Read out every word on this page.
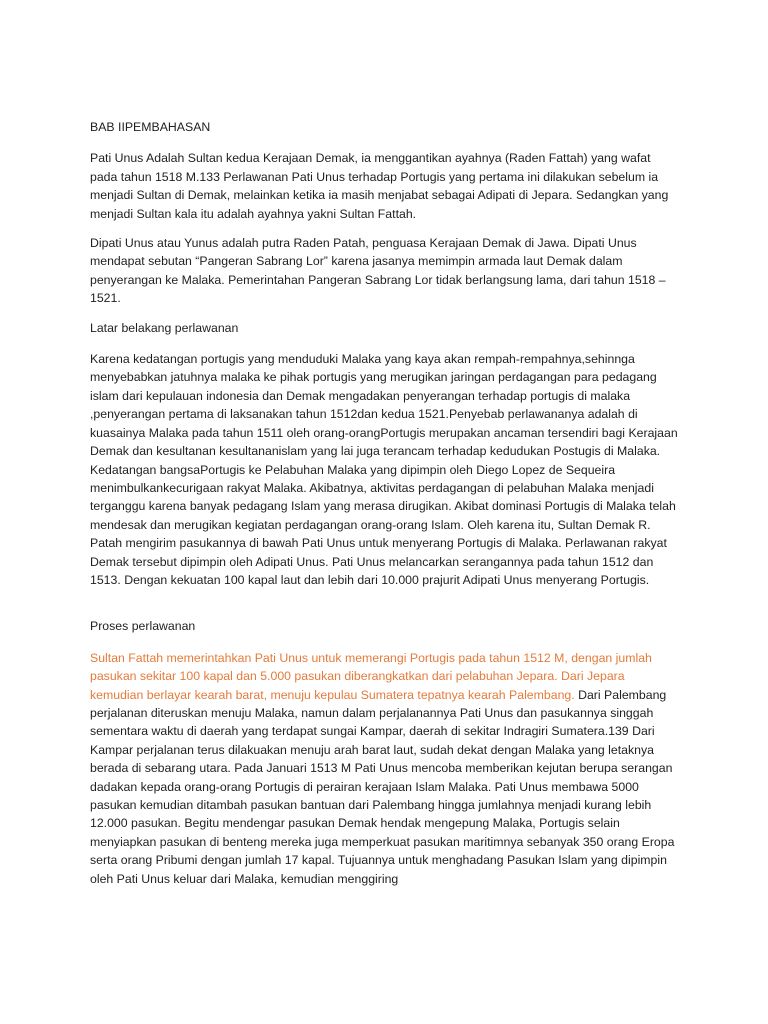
BAB IIPEMBAHASAN

Pati Unus Adalah Sultan kedua Kerajaan Demak, ia menggantikan ayahnya (Raden Fattah) yang wafat pada tahun 1518 M.133 Perlawanan Pati Unus terhadap Portugis yang pertama ini dilakukan sebelum ia menjadi Sultan di Demak, melainkan ketika ia masih menjabat sebagai Adipati di Jepara. Sedangkan yang menjadi Sultan kala itu adalah ayahnya yakni Sultan Fattah.

Dipati Unus atau Yunus adalah putra Raden Patah, penguasa Kerajaan Demak di Jawa. Dipati Unus mendapat sebutan “Pangeran Sabrang Lor” karena jasanya memimpin armada laut Demak dalam penyerangan ke Malaka. Pemerintahan Pangeran Sabrang Lor tidak berlangsung lama, dari tahun 1518 – 1521.

Latar belakang perlawanan

Karena kedatangan portugis yang menduduki Malaka yang kaya akan rempah-rempahnya,sehinnga menyebabkan jatuhnya malaka ke pihak portugis yang merugikan jaringan perdagangan para pedagang islam dari kepulauan indonesia dan Demak mengadakan penyerangan terhadap portugis di malaka ,penyerangan pertama di laksanakan tahun 1512dan kedua 1521.Penyebab perlawananya adalah di kuasainya Malaka pada tahun 1511 oleh orang-orangPortugis merupakan ancaman tersendiri bagi Kerajaan Demak dan kesultanan kesultananislam yang lai juga terancam terhadap kedudukan Postugis di Malaka. Kedatangan bangsaPortugis ke Pelabuhan Malaka yang dipimpin oleh Diego Lopez de Sequeira menimbulkankecurigaan rakyat Malaka. Akibatnya, aktivitas perdagangan di pelabuhan Malaka menjadi terganggu karena banyak pedagang Islam yang merasa dirugikan. Akibat dominasi Portugis di Malaka telah mendesak dan merugikan kegiatan perdagangan orang-orang Islam. Oleh karena itu, Sultan Demak R. Patah mengirim pasukannya di bawah Pati Unus untuk menyerang Portugis di Malaka. Perlawanan rakyat Demak tersebut dipimpin oleh Adipati Unus. Pati Unus melancarkan serangannya pada tahun 1512 dan 1513. Dengan kekuatan 100 kapal laut dan lebih dari 10.000 prajurit Adipati Unus menyerang Portugis.

Proses perlawanan

Sultan Fattah memerintahkan Pati Unus untuk memerangi Portugis pada tahun 1512 M, dengan jumlah pasukan sekitar 100 kapal dan 5.000 pasukan diberangkatkan dari pelabuhan Jepara. Dari Jepara kemudian berlayar kearah barat, menuju kepulau Sumatera tepatnya kearah Palembang. Dari Palembang perjalanan diteruskan menuju Malaka, namun dalam perjalanannya Pati Unus dan pasukannya singgah sementara waktu di daerah yang terdapat sungai Kampar, daerah di sekitar Indragiri Sumatera.139 Dari Kampar perjalanan terus dilakuakan menuju arah barat laut, sudah dekat dengan Malaka yang letaknya berada di sebarang utara. Pada Januari 1513 M Pati Unus mencoba memberikan kejutan berupa serangan dadakan kepada orang-orang Portugis di perairan kerajaan Islam Malaka. Pati Unus membawa 5000 pasukan kemudian ditambah pasukan bantuan dari Palembang hingga jumlahnya menjadi kurang lebih 12.000 pasukan. Begitu mendengar pasukan Demak hendak mengepung Malaka, Portugis selain menyiapkan pasukan di benteng mereka juga memperkuat pasukan maritimnya sebanyak 350 orang Eropa serta orang Pribumi dengan jumlah 17 kapal. Tujuannya untuk menghadang Pasukan Islam yang dipimpin oleh Pati Unus keluar dari Malaka, kemudian menggiring
